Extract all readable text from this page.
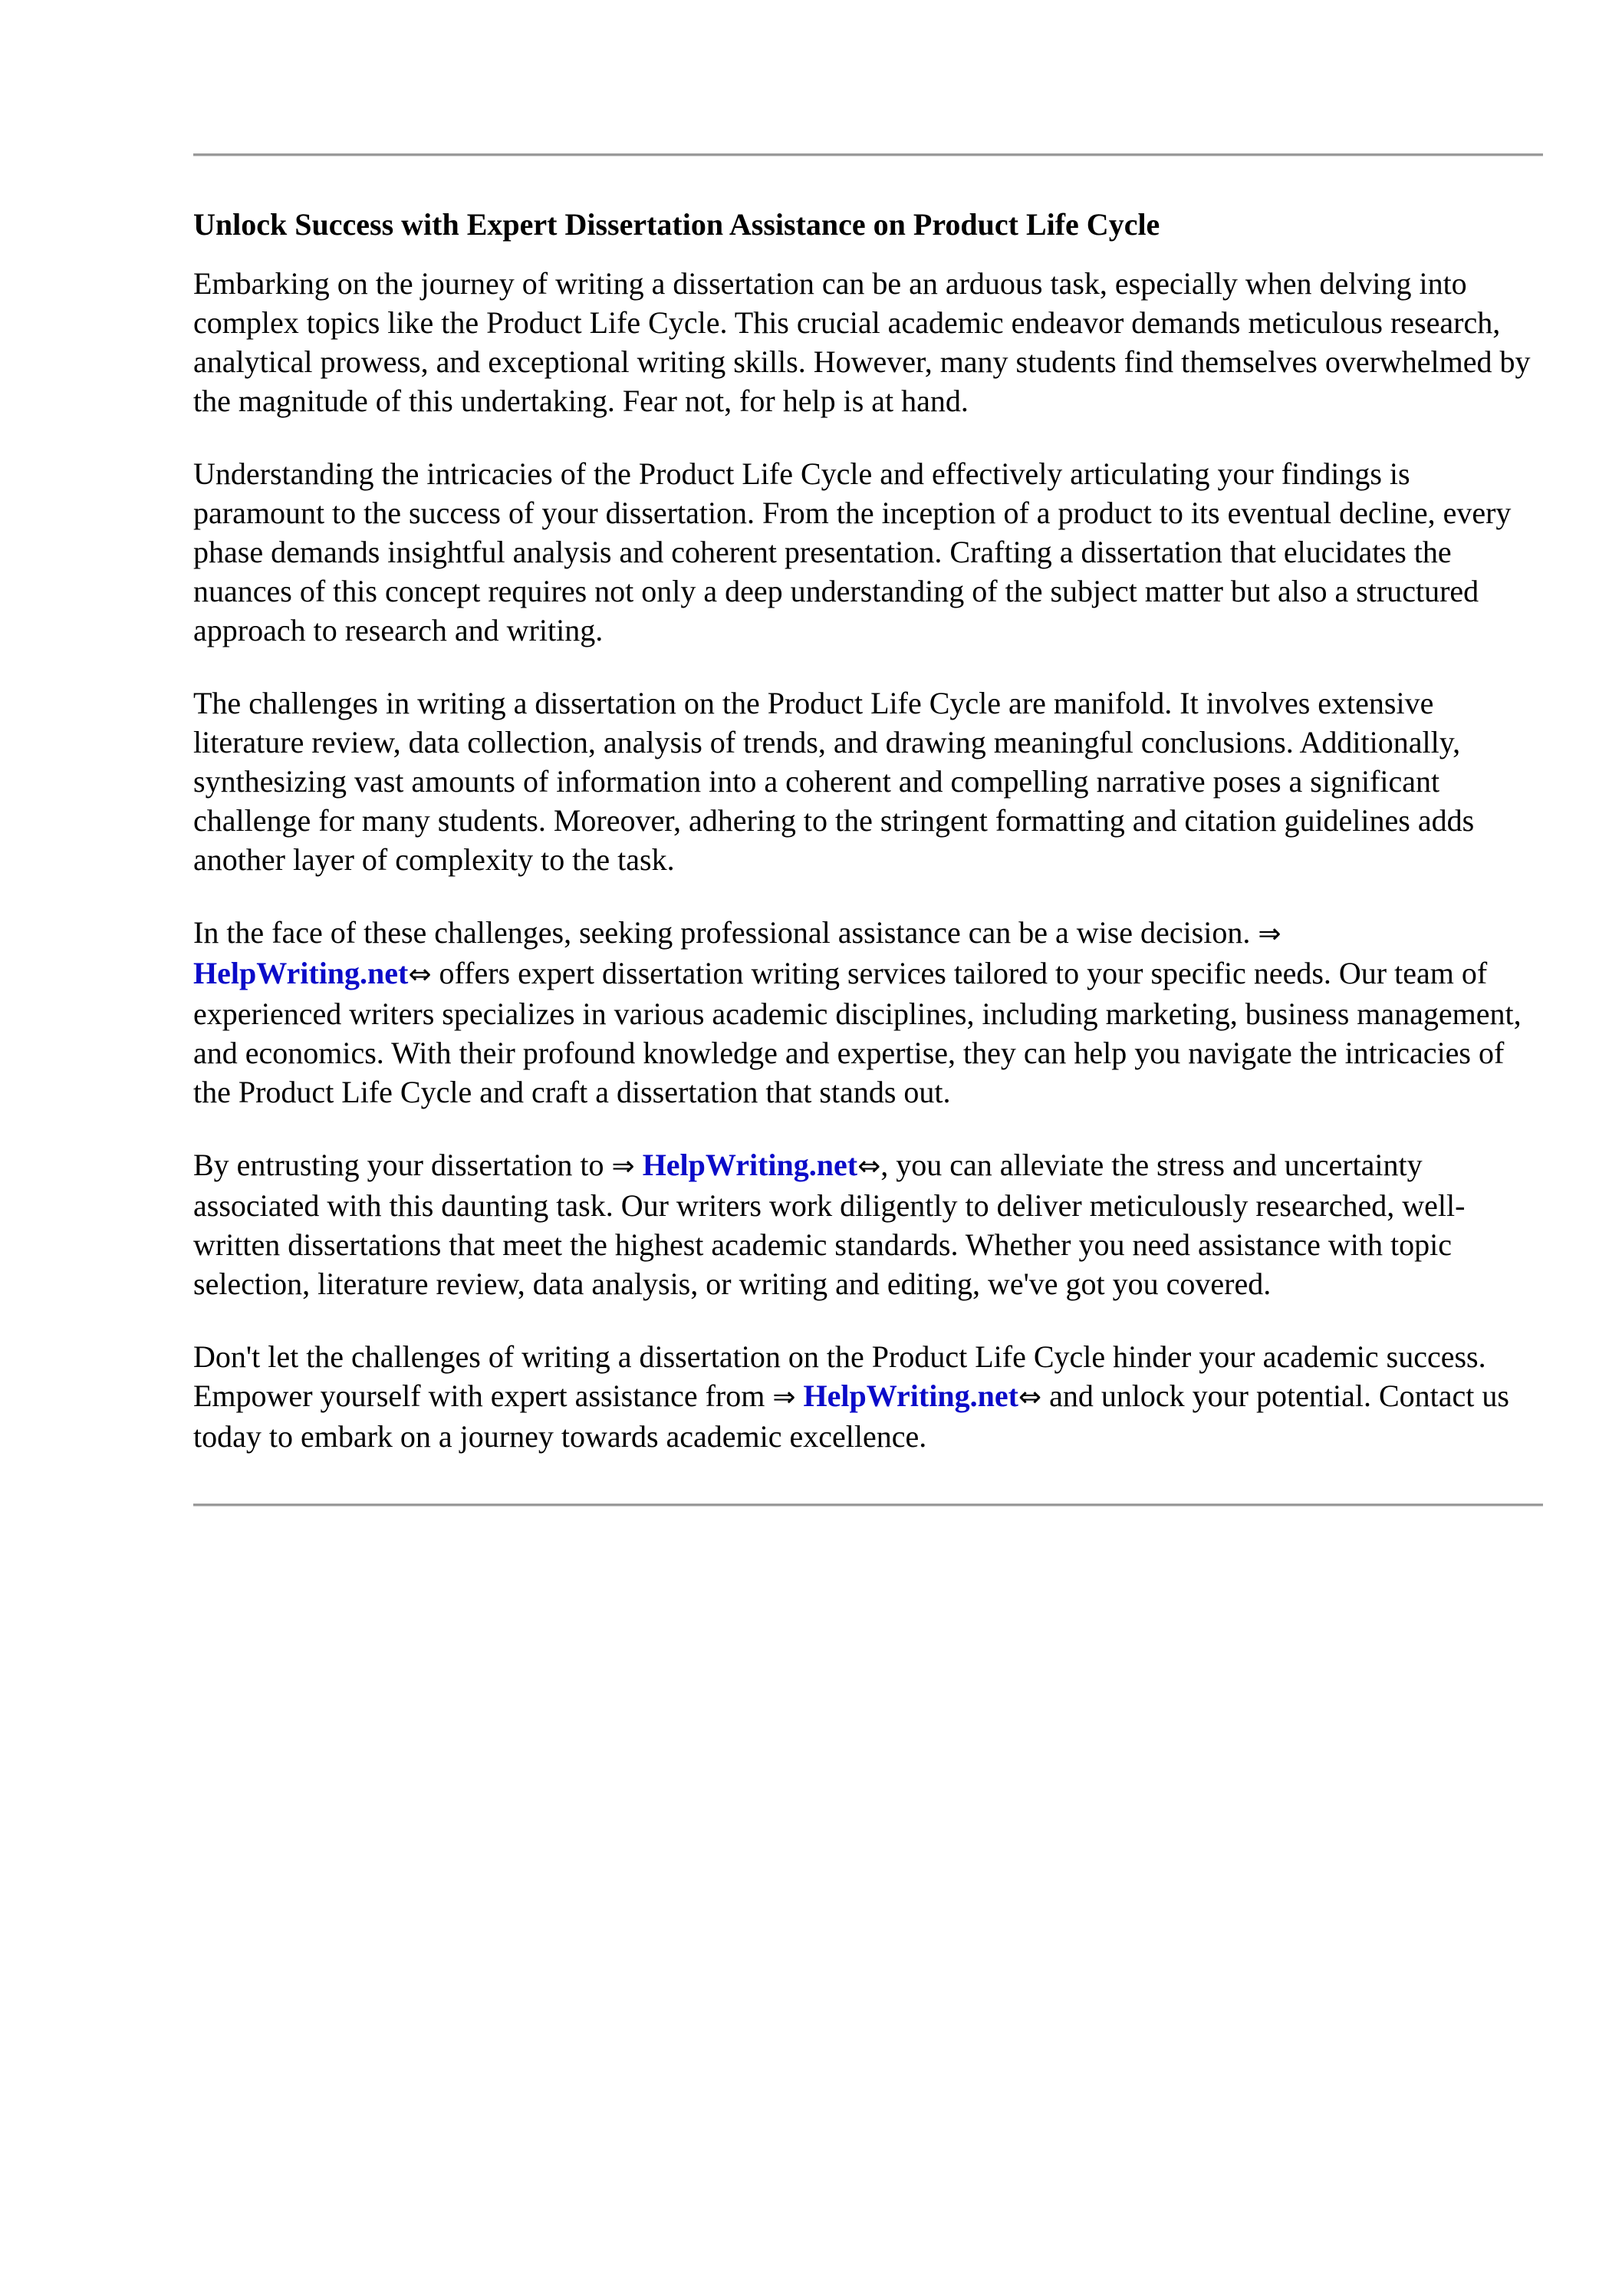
Unlock Success with Expert Dissertation Assistance on Product Life Cycle

Embarking on the journey of writing a dissertation can be an arduous task, especially when delving into complex topics like the Product Life Cycle. This crucial academic endeavor demands meticulous research, analytical prowess, and exceptional writing skills. However, many students find themselves overwhelmed by the magnitude of this undertaking. Fear not, for help is at hand.

Understanding the intricacies of the Product Life Cycle and effectively articulating your findings is paramount to the success of your dissertation. From the inception of a product to its eventual decline, every phase demands insightful analysis and coherent presentation. Crafting a dissertation that elucidates the nuances of this concept requires not only a deep understanding of the subject matter but also a structured approach to research and writing.

The challenges in writing a dissertation on the Product Life Cycle are manifold. It involves extensive literature review, data collection, analysis of trends, and drawing meaningful conclusions. Additionally, synthesizing vast amounts of information into a coherent and compelling narrative poses a significant challenge for many students. Moreover, adhering to the stringent formatting and citation guidelines adds another layer of complexity to the task.

In the face of these challenges, seeking professional assistance can be a wise decision. ⇒
HelpWriting.net⇔ offers expert dissertation writing services tailored to your specific needs. Our team of experienced writers specializes in various academic disciplines, including marketing, business management, and economics. With their profound knowledge and expertise, they can help you navigate the intricacies of the Product Life Cycle and craft a dissertation that stands out.

By entrusting your dissertation to ⇒ HelpWriting.net⇔, you can alleviate the stress and uncertainty associated with this daunting task. Our writers work diligently to deliver meticulously researched, well-written dissertations that meet the highest academic standards. Whether you need assistance with topic selection, literature review, data analysis, or writing and editing, we've got you covered.

Don't let the challenges of writing a dissertation on the Product Life Cycle hinder your academic success. Empower yourself with expert assistance from ⇒ HelpWriting.net⇔ and unlock your potential. Contact us today to embark on a journey towards academic excellence.
